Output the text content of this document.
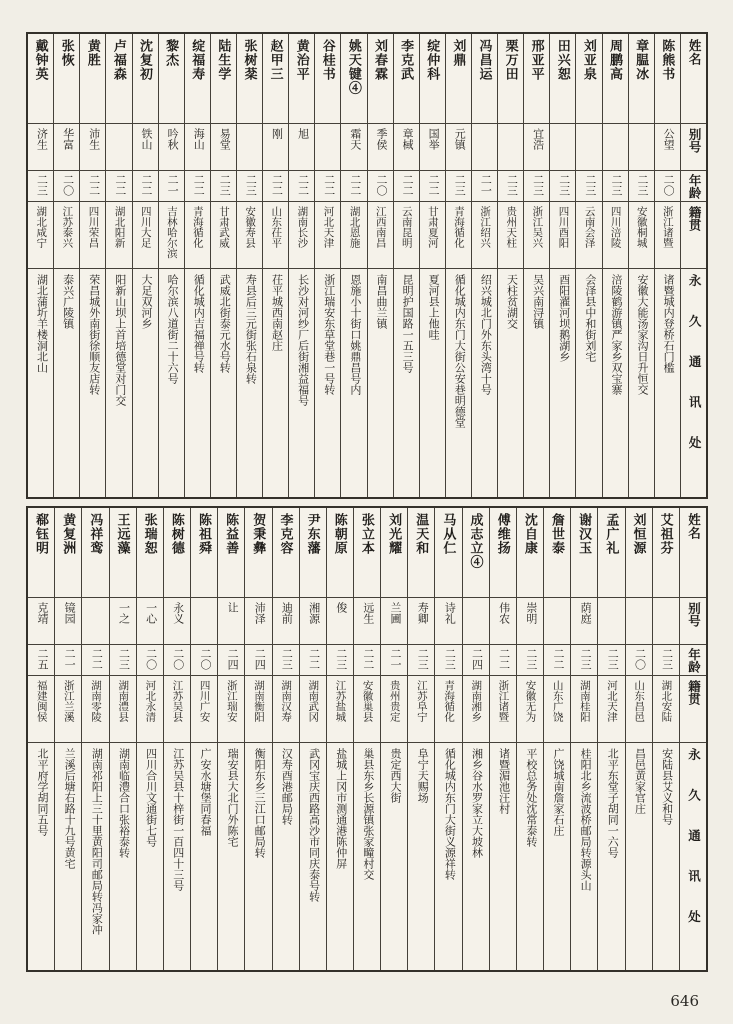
姓名
别号
年龄
籍贯
永久通讯处
陈熊书
公望
二〇
浙江诸暨
诸暨城内登桥石门槛
章腽冰
二三
安徽桐城
安徽大能汤家沟日升恒交
周鹏高
二三
四川涪陵
涪陵鹤游镇严家乡双宝寨
刘亚泉
二三
云南会泽
会泽县中和街刘宅
田兴恕
二三
四川酉阳
酉阳濯河坝鹅湖乡
邢亚平
宜浩
二三
浙江吴兴
吴兴南浔镇
栗万田
二三
贵州天柱
天柱贫湖交
冯昌运
二一
浙江绍兴
绍兴城北门外东头湾十号
刘鼎
元镇
二三
青海循化
循化城内东门大街公安巷明德堂
绽仲科
国举
二二
甘肃夏河
夏河县上他哇
李克武
章棫
二二
云南昆明
昆明护国路一五三号
刘春霖
季侯
二〇
江西南昌
南昌曲兰镇
姚天键④
霜天
二二
湖北恩施
恩施小十街口姚鼎昌号内
谷桂书
二二
河北天津
浙江瑞安东草堂巷一号转
黄治平
旭
二二
湖南长沙
长沙对河纱厂后街湘益福号
赵甲三
刚
二二
山东茌平
茌平城西南赵庄
张树棻
二三
安徽寿县
寿县后三元街张石泉转
陆生学
易堂
二三
甘肃武威
武威北街泰元水号转
绽福寿
海山
二二
青海循化
循化城内吉福禅号转
黎杰
吟秋
二一
吉林哈尔滨
哈尔滨八道街二十六号
沈复初
铁山
二二
四川大足
大足双河乡
卢福森
二二
湖北阳新
阳新山坝上首培德堂对门交
黄胜
沛生
二二
四川荣昌
荣昌城外南街徐顺友店转
张恢
华富
二〇
江苏泰兴
泰兴广陵镇
戴钟英
济生
二三
湖北咸宁
湖北蒲圻羊楼洞北山
姓名
别号
年龄
籍贯
永久通讯处
艾祖芬
二三
湖北安陆
安陆县艾义和号
刘恒源
二〇
山东昌邑
昌邑黄家官庄
孟广礼
二三
河北天津
北平东堂子胡同一六号
谢汉玉
荫庭
二三
湖南桂阳
桂阳北乡流波桥邮局转源头山
詹世泰
二二
山东广饶
广饶城南詹家石庄
沈自康
崇明
二三
安徽无为
平校总务处沈常泰转
傅维扬
伟农
二二
浙江诸暨
诸暨湄池汪村
成志立④
二四
湖南湘乡
湘乡谷水罗家立大坡林
马从仁
诗礼
二三
青海循化
循化城内东门大街义源祥转
温天和
寿卿
二三
江苏阜宁
阜宁天赐场
刘光耀
兰圃
二一
贵州贵定
贵定西大街
张立本
远生
二二
安徽巢县
巢县东乡长源镇张家疃村交
陈朝原
俊
二三
江苏盐城
盐城上冈市测通港陈仲屏
尹东藩
湘源
二二
湖南武冈
武冈宝庆西路高沙市同庆泰号转
李克容
迪前
二三
湖南汉寿
汉寿酉港邮局转
贺秉彝
沛泽
二四
湖南衡阳
衡阳东乡三江口邮局转
陈益善
让
二四
浙江瑞安
瑞安县大北门外陈宅
陈祖舜
二〇
四川广安
广安水塘堡同春福
陈树德
永义
二〇
江苏吴县
江苏吴县十梓街一百四十三号
张瑞恕
一心
二〇
河北永清
四川合川文通街七号
王远藻
一之
二三
湖南澧县
湖南临澧合口张裕泰转
冯祥鸾
二二
湖南零陵
湖南祁阳上三十里黄阳司邮局转冯家冲
黄复洲
镜园
二一
浙江兰溪
兰溪后塘右路十九号黄宅
郗钰明
克靖
二五
福建闽侯
北平府学胡同五号
646
